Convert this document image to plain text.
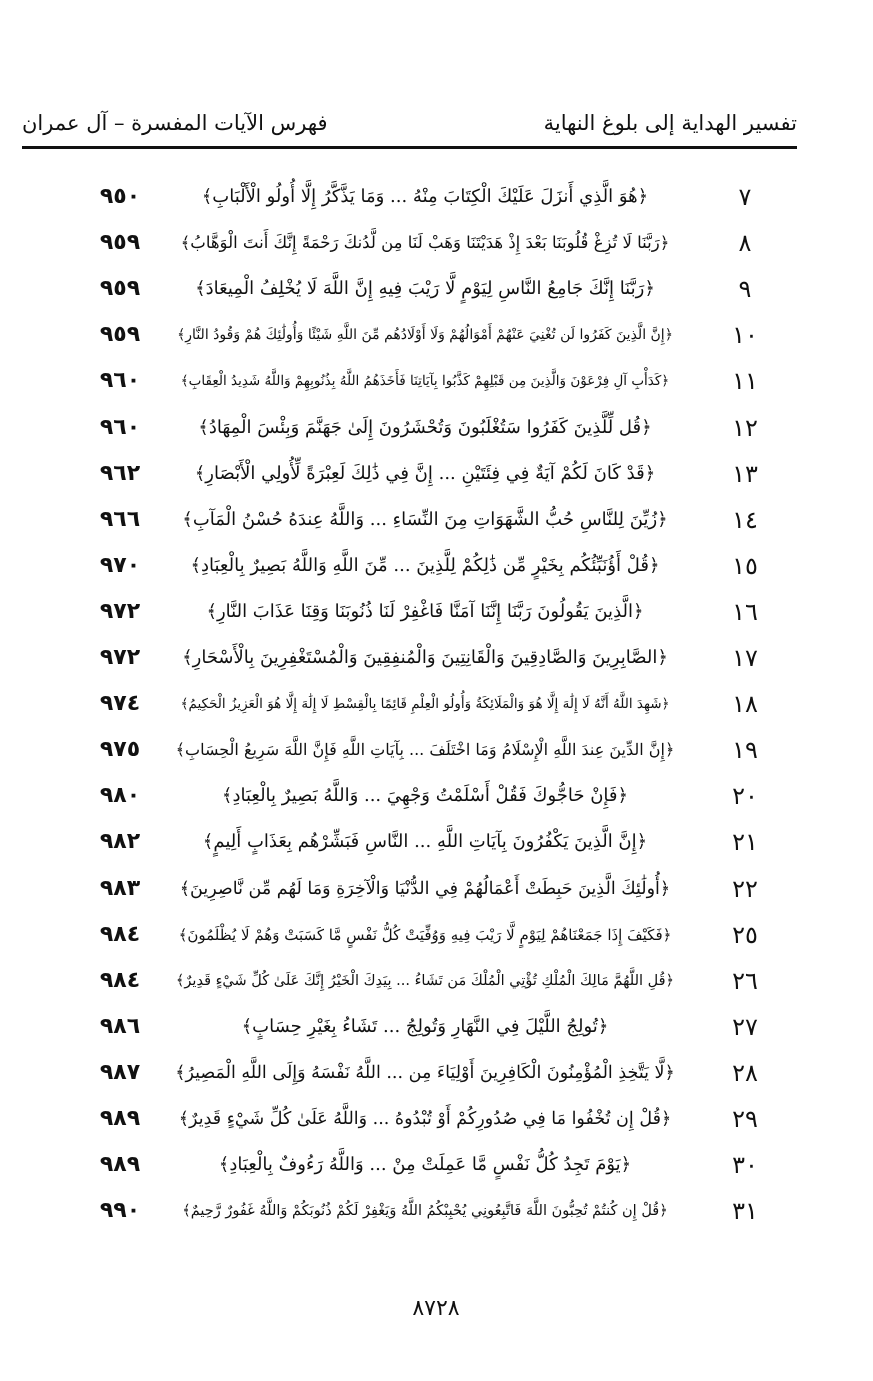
تفسير الهداية إلى بلوغ النهاية
فهرس الآيات المفسرة – آل عمران
٧
﴿هُوَ الَّذِي أَنزَلَ عَلَيْكَ الْكِتَابَ مِنْهُ ... وَمَا يَذَّكَّرُ إِلَّا أُولُو الْأَلْبَابِ﴾
٩٥٠
٨
﴿رَبَّنَا لَا تُزِغْ قُلُوبَنَا بَعْدَ إِذْ هَدَيْتَنَا وَهَبْ لَنَا مِن لَّدُنكَ رَحْمَةً إِنَّكَ أَنتَ الْوَهَّابُ﴾
٩٥٩
٩
﴿رَبَّنَا إِنَّكَ جَامِعُ النَّاسِ لِيَوْمٍ لَّا رَيْبَ فِيهِ إِنَّ اللَّهَ لَا يُخْلِفُ الْمِيعَادَ﴾
٩٥٩
١٠
﴿إِنَّ الَّذِينَ كَفَرُوا لَن تُغْنِيَ عَنْهُمْ أَمْوَالُهُمْ وَلَا أَوْلَادُهُم مِّنَ اللَّهِ شَيْئًا وَأُولَٰئِكَ هُمْ وَقُودُ النَّارِ﴾
٩٥٩
١١
﴿كَدَأْبِ آلِ فِرْعَوْنَ وَالَّذِينَ مِن قَبْلِهِمْ كَذَّبُوا بِآيَاتِنَا فَأَخَذَهُمُ اللَّهُ بِذُنُوبِهِمْ وَاللَّهُ شَدِيدُ الْعِقَابِ﴾
٩٦٠
١٢
﴿قُل لِّلَّذِينَ كَفَرُوا سَتُغْلَبُونَ وَتُحْشَرُونَ إِلَىٰ جَهَنَّمَ وَبِئْسَ الْمِهَادُ﴾
٩٦٠
١٣
﴿قَدْ كَانَ لَكُمْ آيَةٌ فِي فِئَتَيْنِ ... إِنَّ فِي ذَٰلِكَ لَعِبْرَةً لِّأُولِي الْأَبْصَارِ﴾
٩٦٢
١٤
﴿زُيِّنَ لِلنَّاسِ حُبُّ الشَّهَوَاتِ مِنَ النِّسَاءِ ... وَاللَّهُ عِندَهُ حُسْنُ الْمَآبِ﴾
٩٦٦
١٥
﴿قُلْ أَؤُنَبِّئُكُم بِخَيْرٍ مِّن ذَٰلِكُمْ لِلَّذِينَ ... مِّنَ اللَّهِ وَاللَّهُ بَصِيرٌ بِالْعِبَادِ﴾
٩٧٠
١٦
﴿الَّذِينَ يَقُولُونَ رَبَّنَا إِنَّنَا آمَنَّا فَاغْفِرْ لَنَا ذُنُوبَنَا وَقِنَا عَذَابَ النَّارِ﴾
٩٧٢
١٧
﴿الصَّابِرِينَ وَالصَّادِقِينَ وَالْقَانِتِينَ وَالْمُنفِقِينَ وَالْمُسْتَغْفِرِينَ بِالْأَسْحَارِ﴾
٩٧٢
١٨
﴿شَهِدَ اللَّهُ أَنَّهُ لَا إِلَٰهَ إِلَّا هُوَ وَالْمَلَائِكَةُ وَأُولُو الْعِلْمِ قَائِمًا بِالْقِسْطِ لَا إِلَٰهَ إِلَّا هُوَ الْعَزِيزُ الْحَكِيمُ﴾
٩٧٤
١٩
﴿إِنَّ الدِّينَ عِندَ اللَّهِ الْإِسْلَامُ وَمَا اخْتَلَفَ ... بِآيَاتِ اللَّهِ فَإِنَّ اللَّهَ سَرِيعُ الْحِسَابِ﴾
٩٧٥
٢٠
﴿فَإِنْ حَاجُّوكَ فَقُلْ أَسْلَمْتُ وَجْهِيَ ... وَاللَّهُ بَصِيرٌ بِالْعِبَادِ﴾
٩٨٠
٢١
﴿إِنَّ الَّذِينَ يَكْفُرُونَ بِآيَاتِ اللَّهِ ... النَّاسِ فَبَشِّرْهُم بِعَذَابٍ أَلِيمٍ﴾
٩٨٢
٢٢
﴿أُولَٰئِكَ الَّذِينَ حَبِطَتْ أَعْمَالُهُمْ فِي الدُّنْيَا وَالْآخِرَةِ وَمَا لَهُم مِّن نَّاصِرِينَ﴾
٩٨٣
٢٥
﴿فَكَيْفَ إِذَا جَمَعْنَاهُمْ لِيَوْمٍ لَّا رَيْبَ فِيهِ وَوُفِّيَتْ كُلُّ نَفْسٍ مَّا كَسَبَتْ وَهُمْ لَا يُظْلَمُونَ﴾
٩٨٤
٢٦
﴿قُلِ اللَّهُمَّ مَالِكَ الْمُلْكِ تُؤْتِي الْمُلْكَ مَن تَشَاءُ ... بِيَدِكَ الْخَيْرُ إِنَّكَ عَلَىٰ كُلِّ شَيْءٍ قَدِيرٌ﴾
٩٨٤
٢٧
﴿تُولِجُ اللَّيْلَ فِي النَّهَارِ وَتُولِجُ ... تَشَاءُ بِغَيْرِ حِسَابٍ﴾
٩٨٦
٢٨
﴿لَّا يَتَّخِذِ الْمُؤْمِنُونَ الْكَافِرِينَ أَوْلِيَاءَ مِن ... اللَّهُ نَفْسَهُ وَإِلَى اللَّهِ الْمَصِيرُ﴾
٩٨٧
٢٩
﴿قُلْ إِن تُخْفُوا مَا فِي صُدُورِكُمْ أَوْ تُبْدُوهُ ... وَاللَّهُ عَلَىٰ كُلِّ شَيْءٍ قَدِيرٌ﴾
٩٨٩
٣٠
﴿يَوْمَ تَجِدُ كُلُّ نَفْسٍ مَّا عَمِلَتْ مِنْ ... وَاللَّهُ رَءُوفٌ بِالْعِبَادِ﴾
٩٨٩
٣١
﴿قُلْ إِن كُنتُمْ تُحِبُّونَ اللَّهَ فَاتَّبِعُونِي يُحْبِبْكُمُ اللَّهُ وَيَغْفِرْ لَكُمْ ذُنُوبَكُمْ وَاللَّهُ غَفُورٌ رَّحِيمٌ﴾
٩٩٠
٨٧٢٨
